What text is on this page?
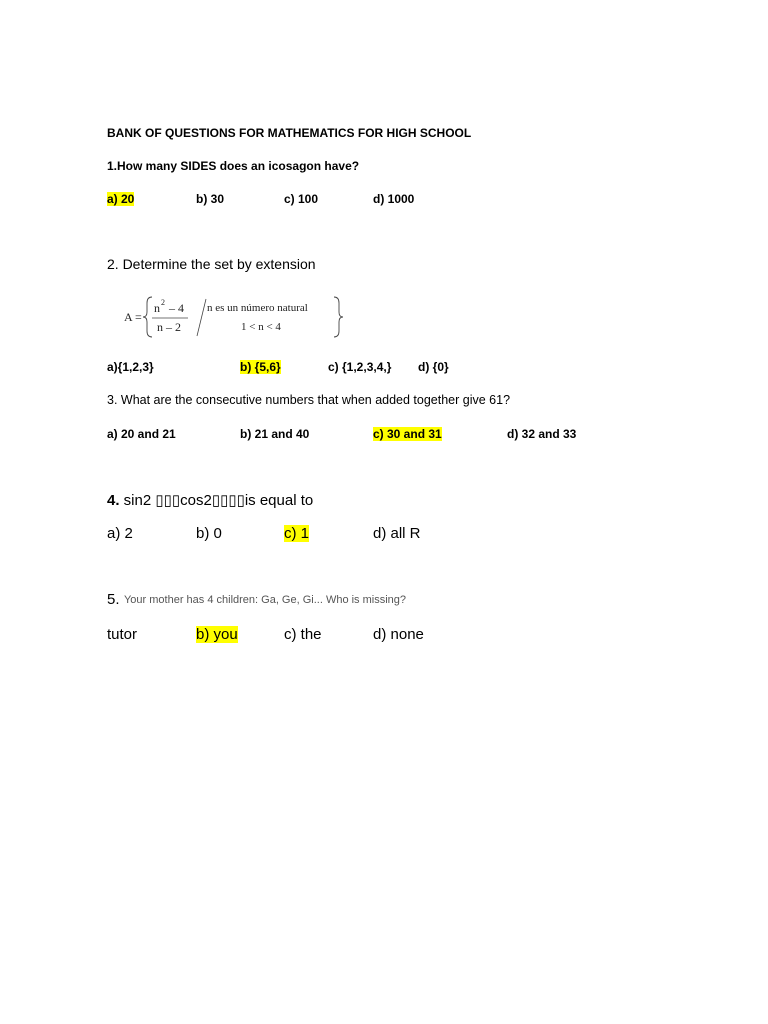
BANK OF QUESTIONS FOR MATHEMATICS FOR HIGH SCHOOL
1.How many SIDES does an icosagon have?
a) 20	b) 30	c) 100	d) 1000
2. Determine the set by extension
A =
n 2 – 4
n – 2
n es un número natural
1 < n < 4
a){1,2,3}	b) {5,6}	c) {1,2,3,4,} d) {0}
3. What are the consecutive numbers that when added together give 61?
a) 20 and 21	b) 21 and 40	c) 30 and 31	d) 32 and 33
4. sin2 ▯▯▯cos2▯▯▯▯is equal to
a) 2	b) 0	c) 1	d) all R
5. Your mother has 4 children: Ga, Ge, Gi... Who is missing?
tutor	b) you	c) the	d) none
